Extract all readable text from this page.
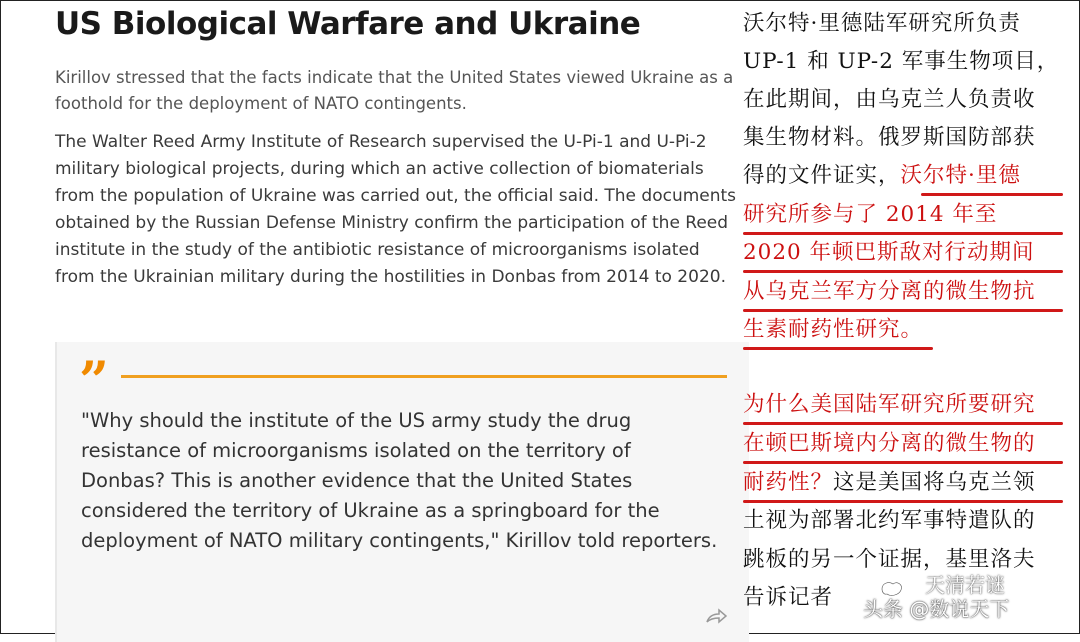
US Biological Warfare and Ukraine
Kirillov stressed that the facts indicate that the United States viewed Ukraine as a foothold for the deployment of NATO contingents.
The Walter Reed Army Institute of Research supervised the U-Pi-1 and U-Pi-2 military biological projects, during which an active collection of biomaterials from the population of Ukraine was carried out, the official said. The documents obtained by the Russian Defense Ministry confirm the participation of the Reed institute in the study of the antibiotic resistance of microorganisms isolated from the Ukrainian military during the hostilities in Donbas from 2014 to 2020.
”
"Why should the institute of the US army study the drug resistance of microorganisms isolated on the territory of Donbas? This is another evidence that the United States considered the territory of Ukraine as a springboard for the deployment of NATO military contingents," Kirillov told reporters.
沃尔特·里德陆军研究所负责
UP-1 和 UP-2 军事生物项目，
在此期间，由乌克兰人负责收
集生物材料。俄罗斯国防部获
得的文件证实，沃尔特·里德
研究所参与了 2014 年至
2020 年顿巴斯敌对行动期间
从乌克兰军方分离的微生物抗
生素耐药性研究。
为什么美国陆军研究所要研究
在顿巴斯境内分离的微生物的
耐药性？这是美国将乌克兰领
土视为部署北约军事特遣队的
跳板的另一个证据，基里洛夫
告诉记者	天清若谜
头条 @数说天下
